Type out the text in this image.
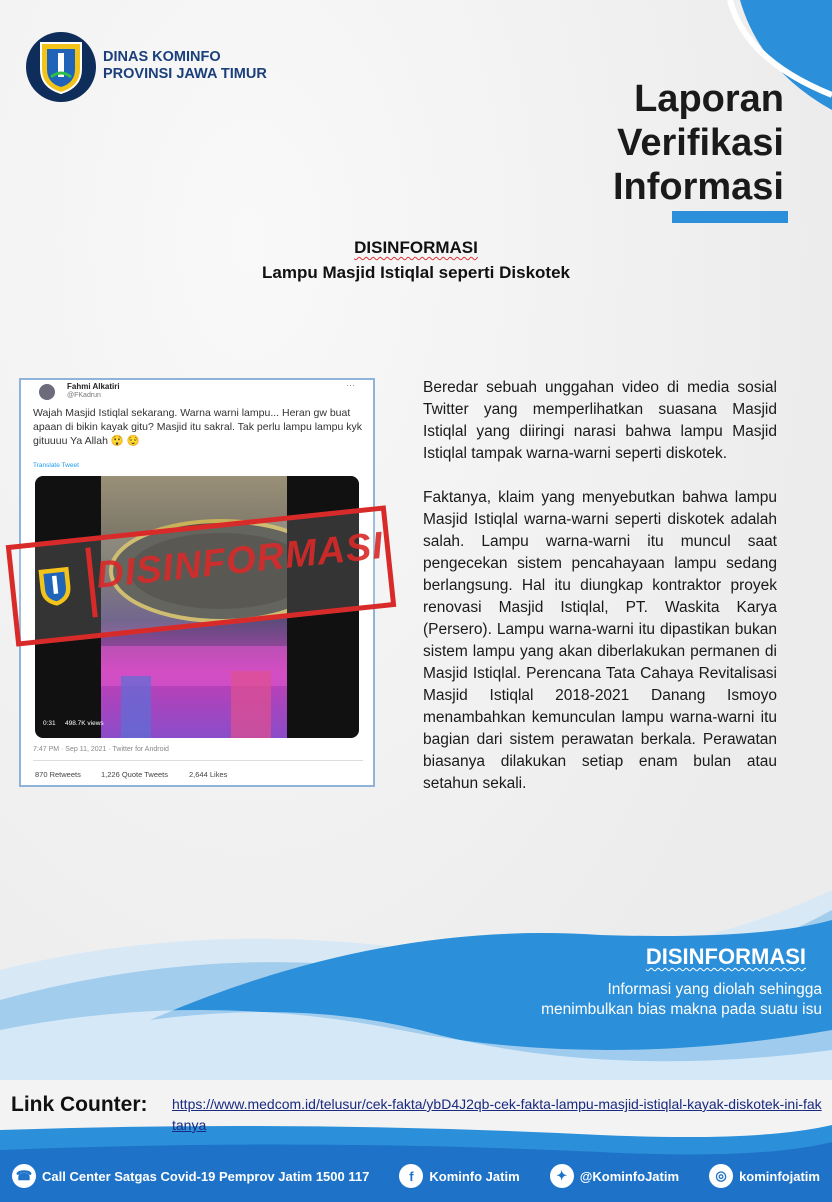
DINAS KOMINFO
PROVINSI JAWA TIMUR
Laporan
Verifikasi
Informasi
DISINFORMASI
Lampu Masjid Istiqlal seperti Diskotek
Fahmi Alkatiri
@FKadrun
···
Wajah Masjid Istiqlal sekarang. Warna warni lampu... Heran gw buat apaan di bikin kayak gitu? Masjid itu sakral. Tak perlu lampu lampu kyk gituuuu Ya Allah 😲 😌
Translate Tweet
0:31 498.7K views
7:47 PM · Sep 11, 2021 · Twitter for Android
870 Retweets	1,226 Quote Tweets	2,644 Likes
DISINFORMASI

Beredar sebuah unggahan video di media sosial Twitter yang memperlihatkan suasana Masjid Istiqlal yang diiringi narasi bahwa lampu Masjid Istiqlal tampak warna-warni seperti diskotek.

Faktanya, klaim yang menyebutkan bahwa lampu Masjid Istiqlal warna-warni seperti diskotek adalah salah. Lampu warna-warni itu muncul saat pengecekan sistem pencahayaan lampu sedang berlangsung. Hal itu diungkap kontraktor proyek renovasi Masjid Istiqlal, PT. Waskita Karya (Persero). Lampu warna-warni itu dipastikan bukan sistem lampu yang akan diberlakukan permanen di Masjid Istiqlal. Perencana Tata Cahaya Revitalisasi Masjid Istiqlal 2018-2021 Danang Ismoyo menambahkan kemunculan lampu warna-warni itu bagian dari sistem perawatan berkala. Perawatan biasanya dilakukan setiap enam bulan atau setahun sekali.

DISINFORMASI
Informasi yang diolah sehingga
menimbulkan bias makna pada suatu isu
Link Counter: https://www.medcom.id/telusur/cek-fakta/ybD4J2qb-cek-fakta-lampu-masjid-istiqlal-kayak-diskotek-ini-faktanya
☎ Call Center Satgas Covid-19 Pemprov Jatim 1500 117	f	Kominfo Jatim	✦ @KominfoJatim	◎ kominfojatim
